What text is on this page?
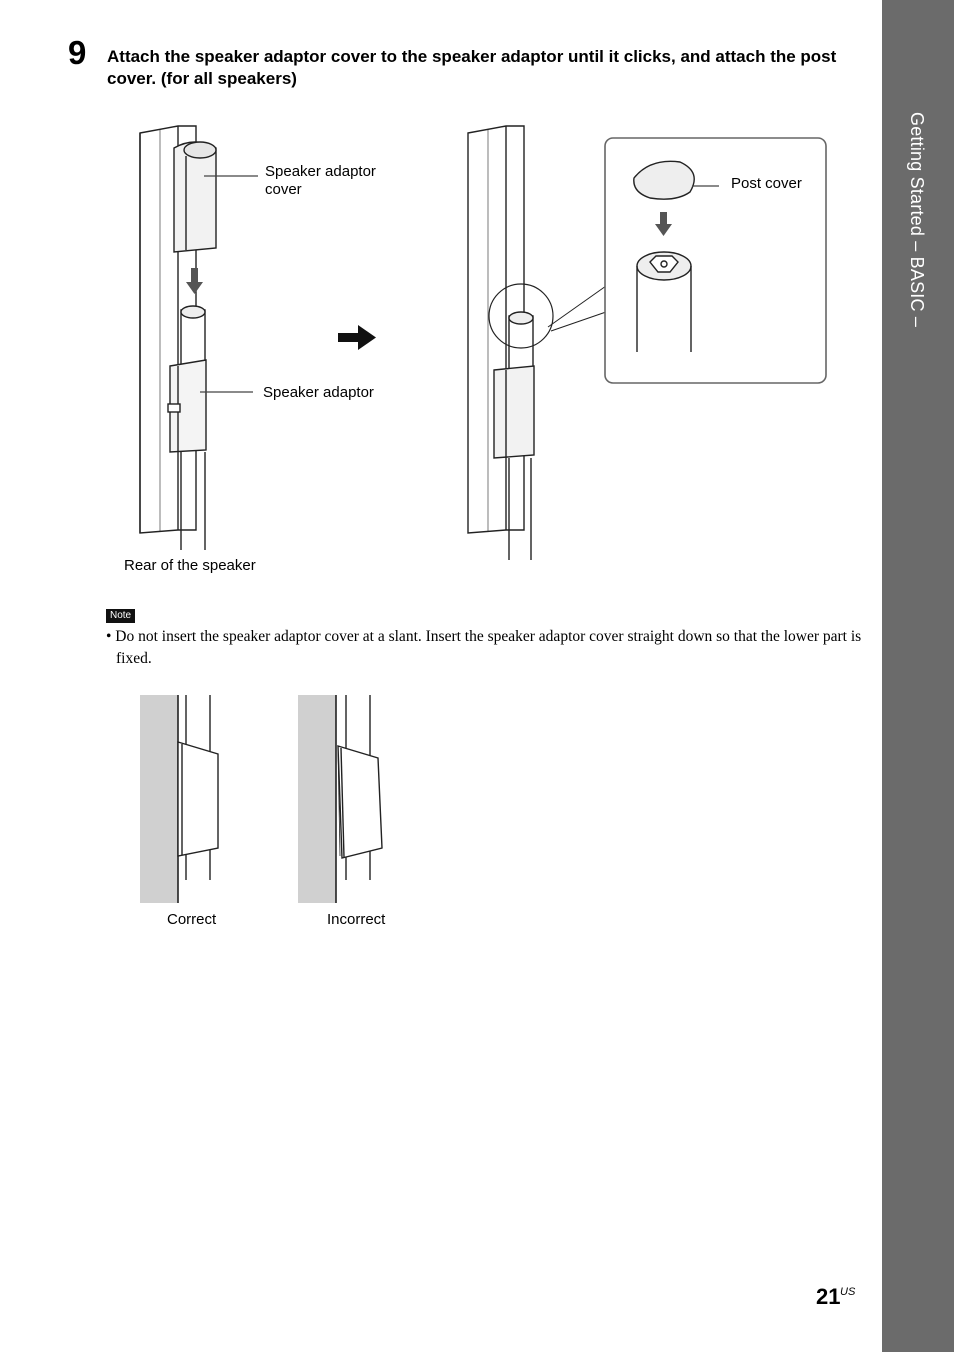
Getting Started – BASIC –
9 Attach the speaker adaptor cover to the speaker adaptor until it clicks, and attach the post cover. (for all speakers)
Speaker adaptor cover
Speaker adaptor
Post cover
Rear of the speaker
Note
• Do not insert the speaker adaptor cover at a slant. Insert the speaker adaptor cover straight down so that the lower part is fixed.
Correct	Incorrect
21 US
